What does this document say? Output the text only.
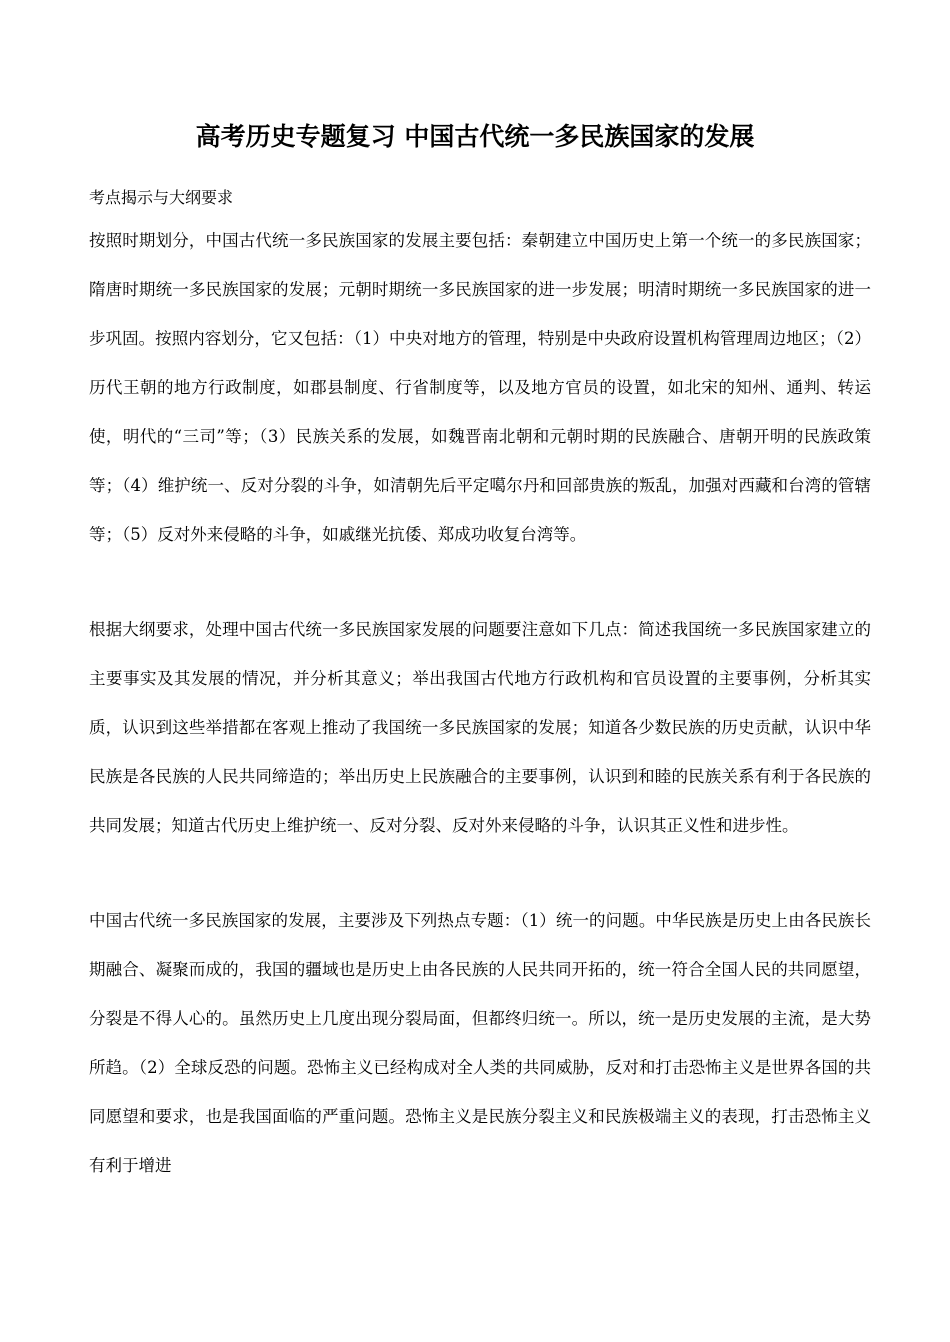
高考历史专题复习 中国古代统一多民族国家的发展
考点揭示与大纲要求

按照时期划分，中国古代统一多民族国家的发展主要包括：秦朝建立中国历史上第一个统一的多民族国家；隋唐时期统一多民族国家的发展；元朝时期统一多民族国家的进一步发展；明清时期统一多民族国家的进一步巩固。按照内容划分，它又包括：（1）中央对地方的管理，特别是中央政府设置机构管理周边地区；（2）历代王朝的地方行政制度，如郡县制度、行省制度等，以及地方官员的设置，如北宋的知州、通判、转运使，明代的“三司”等；（3）民族关系的发展，如魏晋南北朝和元朝时期的民族融合、唐朝开明的民族政策等；（4）维护统一、反对分裂的斗争，如清朝先后平定噶尔丹和回部贵族的叛乱，加强对西藏和台湾的管辖等；（5）反对外来侵略的斗争，如戚继光抗倭、郑成功收复台湾等。

根据大纲要求，处理中国古代统一多民族国家发展的问题要注意如下几点：简述我国统一多民族国家建立的主要事实及其发展的情况，并分析其意义；举出我国古代地方行政机构和官员设置的主要事例，分析其实质，认识到这些举措都在客观上推动了我国统一多民族国家的发展；知道各少数民族的历史贡献，认识中华民族是各民族的人民共同缔造的；举出历史上民族融合的主要事例，认识到和睦的民族关系有利于各民族的共同发展；知道古代历史上维护统一、反对分裂、反对外来侵略的斗争，认识其正义性和进步性。

中国古代统一多民族国家的发展，主要涉及下列热点专题：（1）统一的问题。中华民族是历史上由各民族长期融合、凝聚而成的，我国的疆域也是历史上由各民族的人民共同开拓的，统一符合全国人民的共同愿望，分裂是不得人心的。虽然历史上几度出现分裂局面，但都终归统一。所以，统一是历史发展的主流，是大势所趋。（2）全球反恐的问题。恐怖主义已经构成对全人类的共同威胁，反对和打击恐怖主义是世界各国的共同愿望和要求，也是我国面临的严重问题。恐怖主义是民族分裂主义和民族极端主义的表现，打击恐怖主义有利于增进
